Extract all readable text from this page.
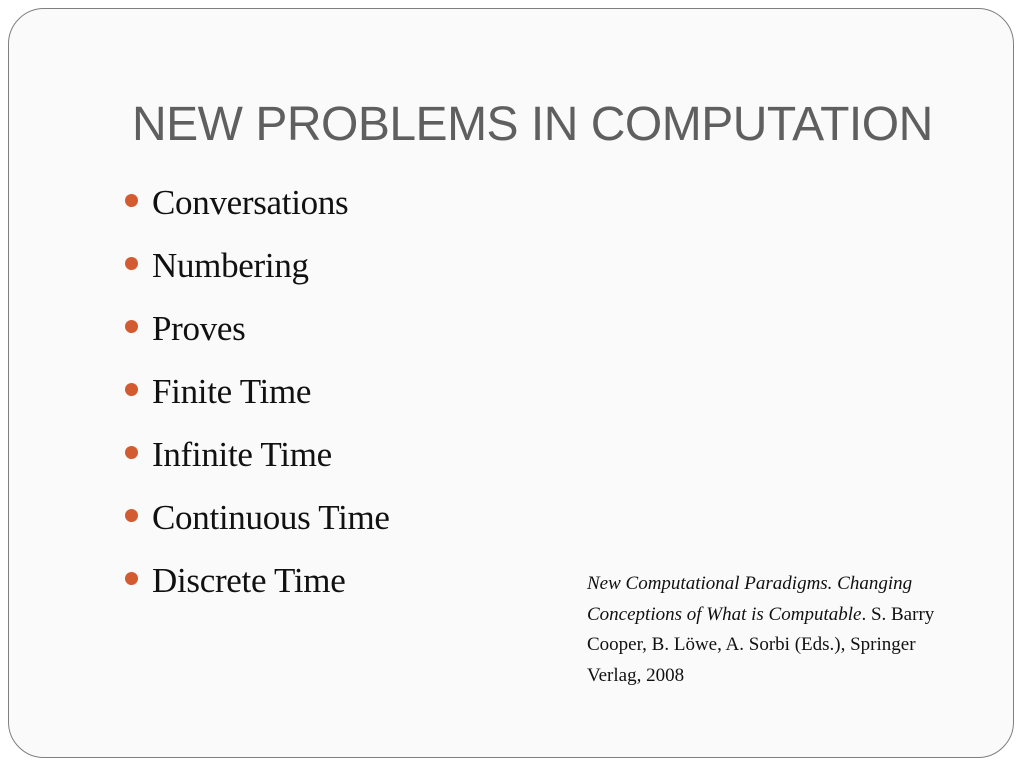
NEW PROBLEMS IN COMPUTATION
Conversations
Numbering
Proves
Finite Time
Infinite Time
Continuous Time
Discrete Time	New Computational Paradigms. Changing Conceptions of What is Computable. S. Barry Cooper, B. Löwe, A. Sorbi (Eds.), Springer Verlag, 2008
